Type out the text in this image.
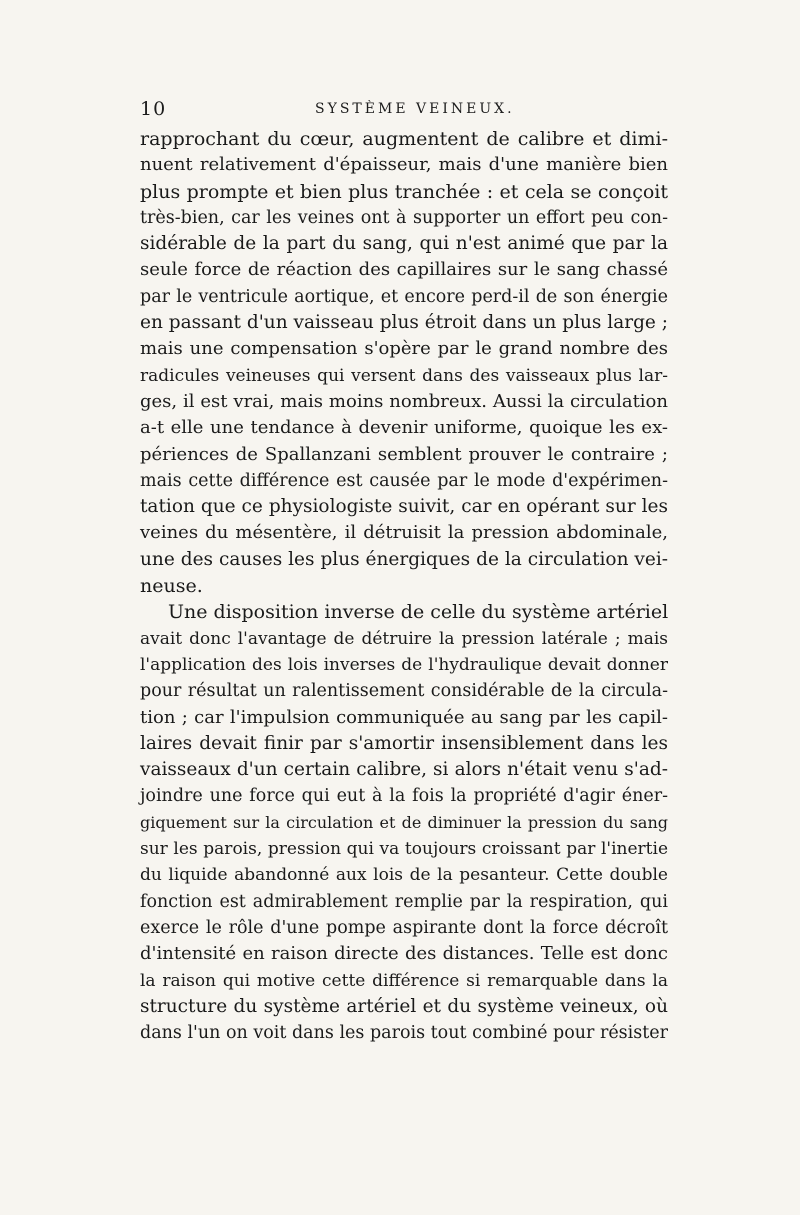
10	SYSTÈME VEINEUX.
rapprochant du cœur, augmentent de calibre et dimi-
nuent relativement d'épaisseur, mais d'une manière bien
plus prompte et bien plus tranchée : et cela se conçoit
très-bien, car les veines ont à supporter un effort peu con-
sidérable de la part du sang, qui n'est animé que par la
seule force de réaction des capillaires sur le sang chassé
par le ventricule aortique, et encore perd-il de son énergie
en passant d'un vaisseau plus étroit dans un plus large ;
mais une compensation s'opère par le grand nombre des
radicules veineuses qui versent dans des vaisseaux plus lar-
ges, il est vrai, mais moins nombreux. Aussi la circulation
a-t elle une tendance à devenir uniforme, quoique les ex-
périences de Spallanzani semblent prouver le contraire ;
mais cette différence est causée par le mode d'expérimen-
tation que ce physiologiste suivit, car en opérant sur les
veines du mésentère, il détruisit la pression abdominale,
une des causes les plus énergiques de la circulation vei-
neuse.
Une disposition inverse de celle du système artériel
avait donc l'avantage de détruire la pression latérale ; mais
l'application des lois inverses de l'hydraulique devait donner
pour résultat un ralentissement considérable de la circula-
tion ; car l'impulsion communiquée au sang par les capil-
laires devait finir par s'amortir insensiblement dans les
vaisseaux d'un certain calibre, si alors n'était venu s'ad-
joindre une force qui eut à la fois la propriété d'agir éner-
giquement sur la circulation et de diminuer la pression du sang
sur les parois, pression qui va toujours croissant par l'inertie
du liquide abandonné aux lois de la pesanteur. Cette double
fonction est admirablement remplie par la respiration, qui
exerce le rôle d'une pompe aspirante dont la force décroît
d'intensité en raison directe des distances. Telle est donc
la raison qui motive cette différence si remarquable dans la
structure du système artériel et du système veineux, où
dans l'un on voit dans les parois tout combiné pour résister
